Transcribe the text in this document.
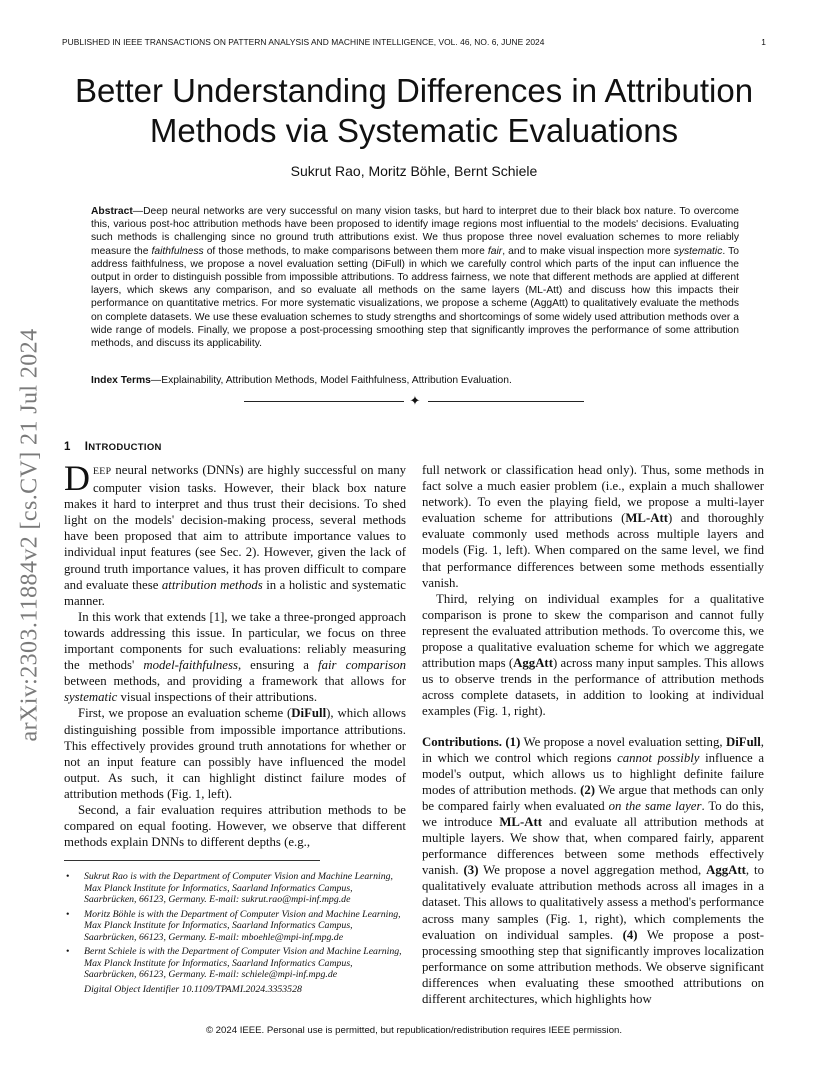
PUBLISHED IN IEEE TRANSACTIONS ON PATTERN ANALYSIS AND MACHINE INTELLIGENCE, VOL. 46, NO. 6, JUNE 2024	1
Better Understanding Differences in Attribution Methods via Systematic Evaluations
Sukrut Rao, Moritz Böhle, Bernt Schiele

Abstract—Deep neural networks are very successful on many vision tasks, but hard to interpret due to their black box nature. To overcome this, various post-hoc attribution methods have been proposed to identify image regions most influential to the models' decisions. Evaluating such methods is challenging since no ground truth attributions exist. We thus propose three novel evaluation schemes to more reliably measure the faithfulness of those methods, to make comparisons between them more fair, and to make visual inspection more systematic. To address faithfulness, we propose a novel evaluation setting (DiFull) in which we carefully control which parts of the input can influence the output in order to distinguish possible from impossible attributions. To address fairness, we note that different methods are applied at different layers, which skews any comparison, and so evaluate all methods on the same layers (ML-Att) and discuss how this impacts their performance on quantitative metrics. For more systematic visualizations, we propose a scheme (AggAtt) to qualitatively evaluate the methods on complete datasets. We use these evaluation schemes to study strengths and shortcomings of some widely used attribution methods over a wide range of models. Finally, we propose a post-processing smoothing step that significantly improves the performance of some attribution methods, and discuss its applicability.

Index Terms—Explainability, Attribution Methods, Model Faithfulness, Attribution Evaluation.

✦
arXiv:2303.11884v2 [cs.CV] 21 Jul 2024 1 INTRODUCTION

DEEP neural networks (DNNs) are highly successful on many computer vision tasks. However, their black box nature makes it hard to interpret and thus trust their decisions. To shed light on the models' decision-making process, several methods have been proposed that aim to attribute importance values to individual input features (see Sec. 2). However, given the lack of ground truth importance values, it has proven difficult to compare and evaluate these attribution methods in a holistic and systematic manner.

In this work that extends [1], we take a three-pronged approach towards addressing this issue. In particular, we focus on three important components for such evaluations: reliably measuring the methods' model-faithfulness, ensuring a fair comparison between methods, and providing a framework that allows for systematic visual inspections of their attributions.

First, we propose an evaluation scheme (DiFull), which allows distinguishing possible from impossible importance attributions. This effectively provides ground truth annotations for whether or not an input feature can possibly have influenced the model output. As such, it can highlight distinct failure modes of attribution methods (Fig. 1, left).

Second, a fair evaluation requires attribution methods to be compared on equal footing. However, we observe that different methods explain DNNs to different depths (e.g.,

• Sukrut Rao is with the Department of Computer Vision and Machine Learning, Max Planck Institute for Informatics, Saarland Informatics Campus, Saarbrücken, 66123, Germany. E-mail: sukrut.rao@mpi-inf.mpg.de
• Moritz Böhle is with the Department of Computer Vision and Machine Learning, Max Planck Institute for Informatics, Saarland Informatics Campus, Saarbrücken, 66123, Germany. E-mail: mboehle@mpi-inf.mpg.de
• Bernt Schiele is with the Department of Computer Vision and Machine Learning, Max Planck Institute for Informatics, Saarland Informatics Campus, Saarbrücken, 66123, Germany. E-mail: schiele@mpi-inf.mpg.de
Digital Object Identifier 10.1109/TPAMI.2024.3353528

full network or classification head only). Thus, some methods in fact solve a much easier problem (i.e., explain a much shallower network). To even the playing field, we propose a multi-layer evaluation scheme for attributions (ML-Att) and thoroughly evaluate commonly used methods across multiple layers and models (Fig. 1, left). When compared on the same level, we find that performance differences between some methods essentially vanish.

Third, relying on individual examples for a qualitative comparison is prone to skew the comparison and cannot fully represent the evaluated attribution methods. To overcome this, we propose a qualitative evaluation scheme for which we aggregate attribution maps (AggAtt) across many input samples. This allows us to observe trends in the performance of attribution methods across complete datasets, in addition to looking at individual examples (Fig. 1, right).

Contributions. (1) We propose a novel evaluation setting, DiFull, in which we control which regions cannot possibly influence a model's output, which allows us to highlight definite failure modes of attribution methods. (2) We argue that methods can only be compared fairly when evaluated on the same layer. To do this, we introduce ML-Att and evaluate all attribution methods at multiple layers. We show that, when compared fairly, apparent performance differences between some methods effectively vanish. (3) We propose a novel aggregation method, AggAtt, to qualitatively evaluate attribution methods across all images in a dataset. This allows to qualitatively assess a method's performance across many samples (Fig. 1, right), which complements the evaluation on individual samples. (4) We propose a post-processing smoothing step that significantly improves localization performance on some attribution methods. We observe significant differences when evaluating these smoothed attributions on different architectures, which highlights how

© 2024 IEEE. Personal use is permitted, but republication/redistribution requires IEEE permission.
